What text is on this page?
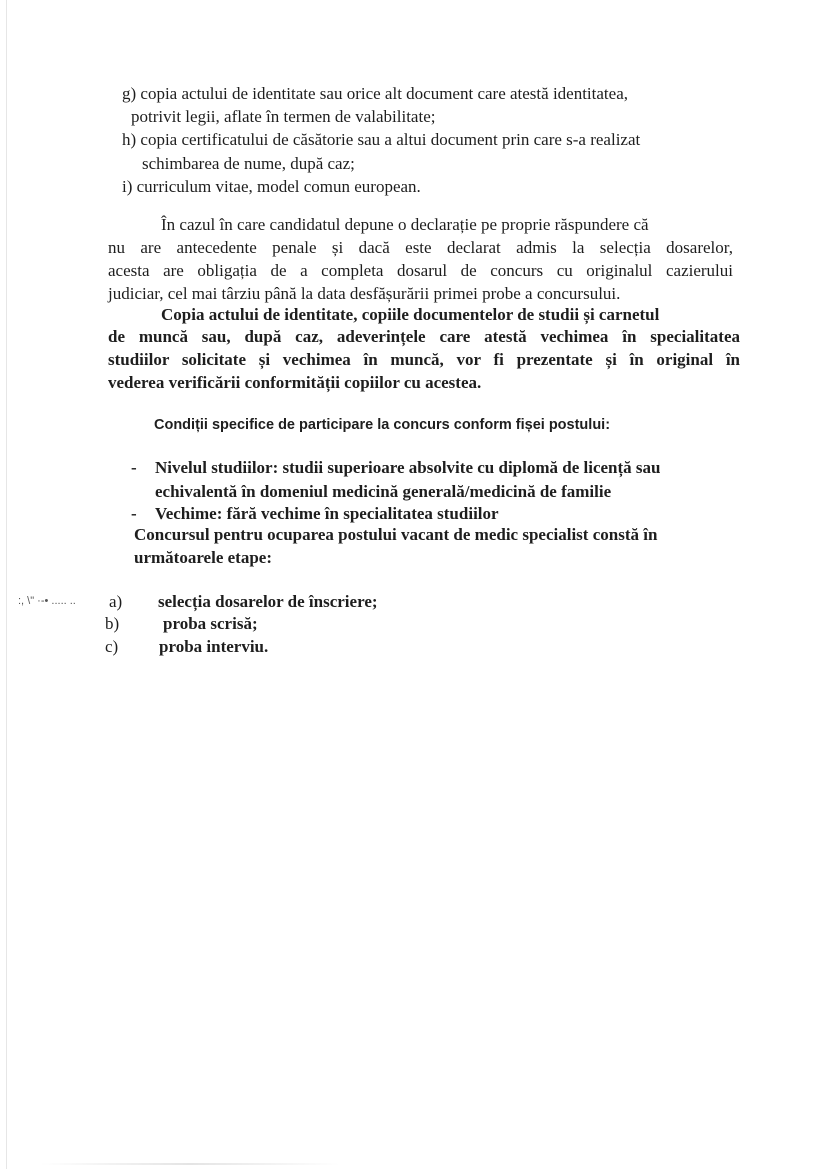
g) copia actului de identitate sau orice alt document care atestă identitatea,
potrivit legii, aflate în termen de valabilitate;
h) copia certificatului de căsătorie sau a altui document prin care s-a realizat
schimbarea de nume, după caz;
i) curriculum vitae, model comun european.
În cazul în care candidatul depune o declarație pe proprie răspundere că
nu are antecedente penale și dacă este declarat admis la selecția dosarelor,
acesta are obligația de a completa dosarul de concurs cu originalul cazierului
judiciar, cel mai târziu până la data desfășurării primei probe a concursului.
Copia actului de identitate, copiile documentelor de studii și carnetul
de muncă sau, după caz, adeverințele care atestă vechimea în specialitatea
studiilor solicitate și vechimea în muncă, vor fi prezentate și în original în
vederea verificării conformității copiilor cu acestea.
Condiții specifice de participare la concurs conform fișei postului:
- Nivelul studiilor: studii superioare absolvite cu diplomă de licență sau
echivalentă în domeniul medicină generală/medicină de familie
- Vechime: fără vechime în specialitatea studiilor
Concursul pentru ocuparea postului vacant de medic specialist constă în
următoarele etape:
:, \" ·-• ..... .. a) selecția dosarelor de înscriere;
b)	proba scrisă;
c) proba interviu.
